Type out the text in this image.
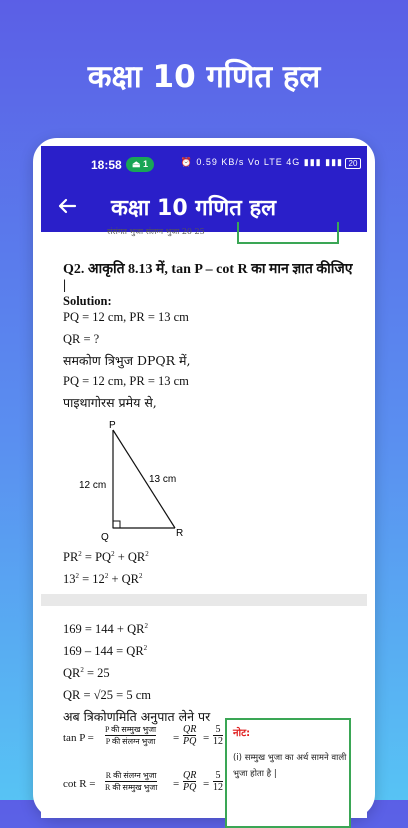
कक्षा 10 गणित हल
18:58	⏏ 1	⏰ 0.59 KB/s Vo LTE 4G ▮▮▮ ▮▮▮ 20
कक्षा 10 गणित हल
संसंगत भुजा संलग्न भुजा 20 25
Q2. आकृति 8.13 में, tan P – cot R का मान ज्ञात कीजिए |
Solution:
PQ = 12 cm, PR = 13 cm
QR = ?
समकोण त्रिभुज DPQR में,
PQ = 12 cm, PR = 13 cm
पाइथागोरस प्रमेय से,
P
Q	R
12 cm
13 cm
$PR^2 = PQ^2 + QR^2$
$13^2 = 12^2 + QR^2$
$169 = 144 + QR^2$
$169 - 144 = QR^2$
$QR^2 = 25$
QR = √25 = 5 cm
अब त्रिकोणमिति अनुपात लेने पर
tan P =
P की सम्मुख भुजा
P की संलग्न भुजा = $\frac{QR}{PQ} = \frac{5}{12}$
cot R =
R की संलग्न भुजा
R की सम्मुख भुजा = $\frac{QR}{PQ} = \frac{5}{12}$
नोट:
(i) सम्मुख भुजा का अर्थ सामने वाली भुजा होता है |
